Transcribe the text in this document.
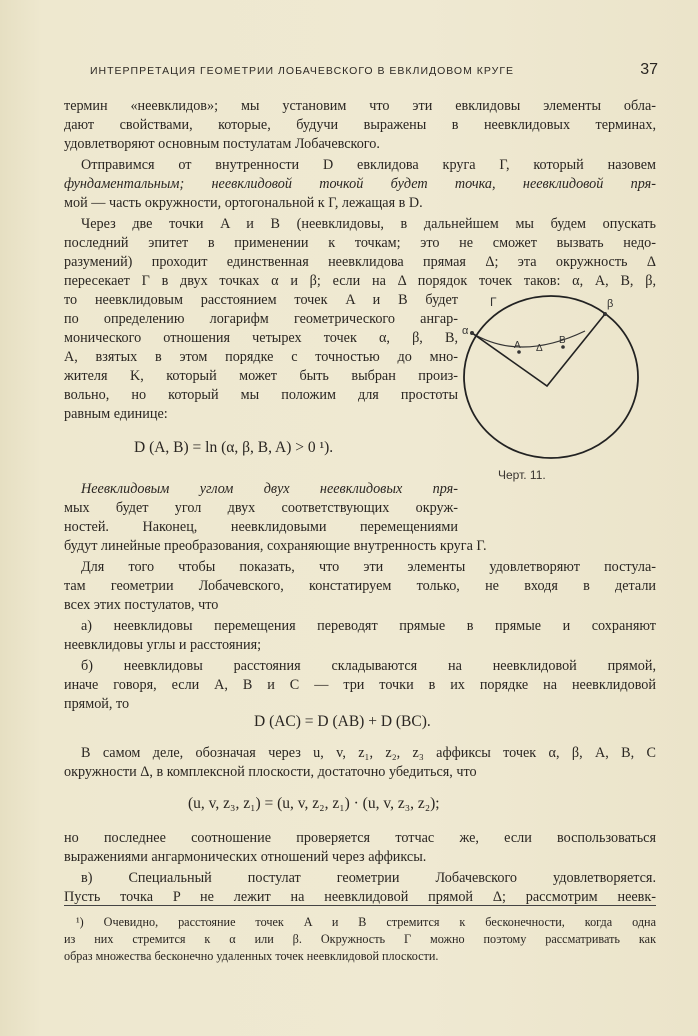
ИНТЕРПРЕТАЦИЯ ГЕОМЕТРИИ ЛОБАЧЕВСКОГО В ЕВКЛИДОВОМ КРУГЕ	37
термин «неевклидов»; мы установим что эти евклидовы элементы обла-
дают свойствами, которые, будучи выражены в неевклидовых терминах,
удовлетворяют основным постулатам Лобачевского.
Отправимся от внутренности D евклидова круга Г, который назовем
фундаментальным; неевклидовой точкой будет точка, неевклидовой пря-
мой — часть окружности, ортогональной к Г, лежащая в D.
Через две точки A и B (неевклидовы, в дальнейшем мы будем опускать
последний эпитет в применении к точкам; это не сможет вызвать недо-
разумений) проходит единственная неевклидова прямая Δ; эта окружность Δ
пересекает Г в двух точках α и β; если на Δ порядок точек таков: α, A, B, β,
то неевклидовым расстоянием точек A и B будет
по определению логарифм геометрического ангар-
монического отношения четырех точек α, β, B,
A, взятых в этом порядке с точностью до мно-
жителя K, который может быть выбран произ-
вольно, но который мы положим для простоты
равным единице:
D (A, B) = ln (α, β, B, A) > 0 ¹).
Неевклидовым углом двух неевклидовых пря-
мых будет угол двух соответствующих окруж-
ностей. Наконец, неевклидовыми перемещениями
будут линейные преобразования, сохраняющие внутренность круга Г.
Для того чтобы показать, что эти элементы удовлетворяют постула-
там геометрии Лобачевского, констатируем только, не входя в детали
всех этих постулатов, что
а) неевклидовы перемещения переводят прямые в прямые и сохраняют
неевклидовы углы и расстояния;
б) неевклидовы расстояния складываются на неевклидовой прямой,
иначе говоря, если A, B и C — три точки в их порядке на неевклидовой
прямой, то
D (AC) = D (AB) + D (BC).
В самом деле, обозначая через u, v, z₁, z₂, z₃ аффиксы точек α, β, A, B, C
окружности Δ, в комплексной плоскости, достаточно убедиться, что
(u, v, z₃, z₁) = (u, v, z₂, z₁) · (u, v, z₃, z₂);
но последнее соотношение проверяется тотчас же, если воспользоваться
выражениями ангармонических отношений через аффиксы.
в) Специальный постулат геометрии Лобачевского удовлетворяется.
Пусть точка P не лежит на неевклидовой прямой Δ; рассмотрим неевк-
Γ
α
β
A Δ
B
Черт. 11.
¹) Очевидно, расстояние точек A и B стремится к бесконечности, когда одна
из них стремится к α или β. Окружность Г можно поэтому рассматривать как
образ множества бесконечно удаленных точек неевклидовой плоскости.
